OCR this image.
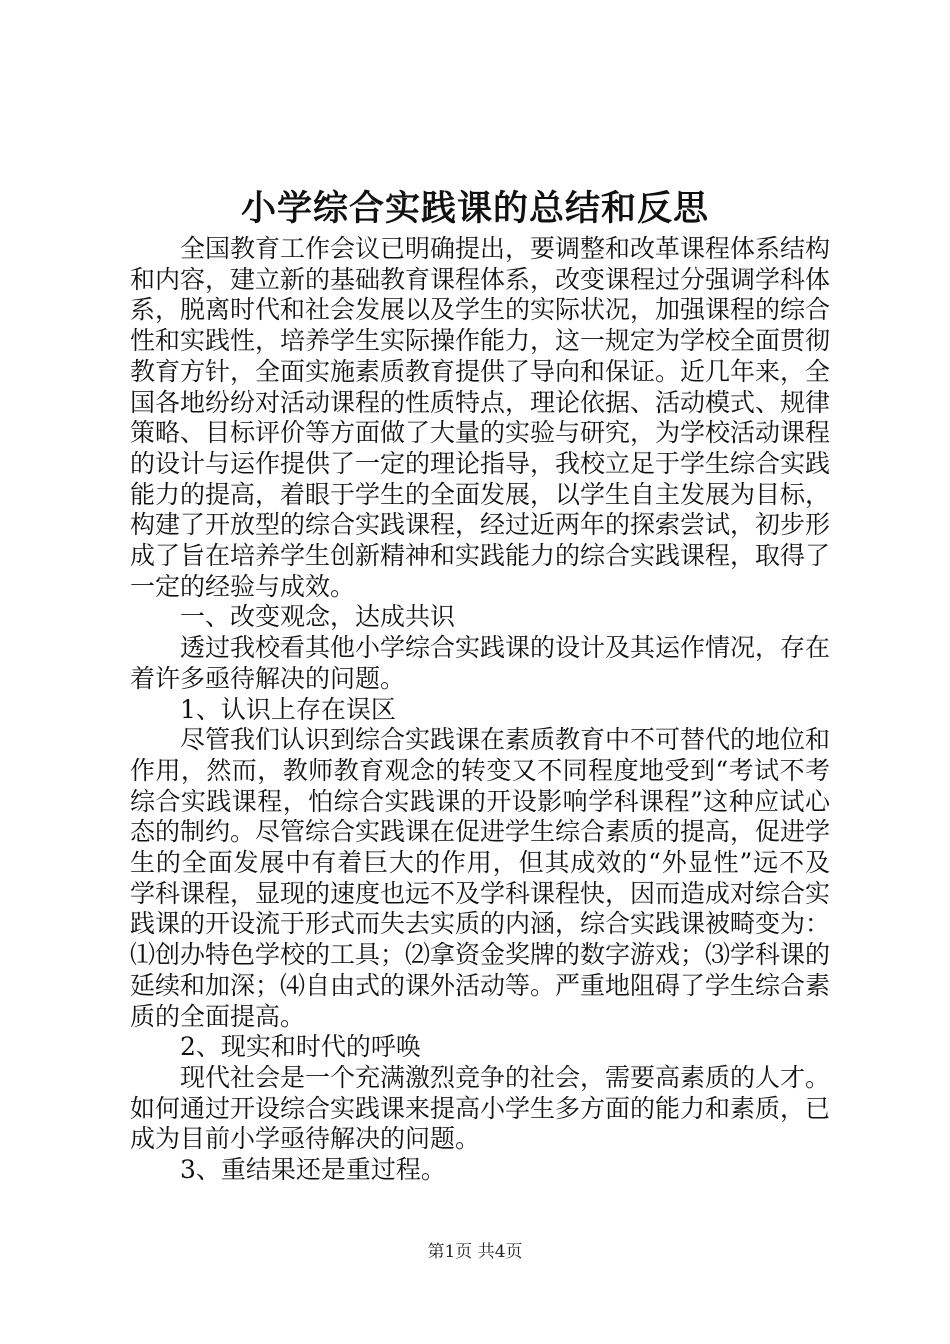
小学综合实践课的总结和反思

全国教育工作会议已明确提出，要调整和改革课程体系结构和内容，建立新的基础教育课程体系，改变课程过分强调学科体系，脱离时代和社会发展以及学生的实际状况，加强课程的综合性和实践性，培养学生实际操作能力，这一规定为学校全面贯彻教育方针，全面实施素质教育提供了导向和保证。近几年来，全国各地纷纷对活动课程的性质特点，理论依据、活动模式、规律策略、目标评价等方面做了大量的实验与研究，为学校活动课程的设计与运作提供了一定的理论指导，我校立足于学生综合实践能力的提高，着眼于学生的全面发展，以学生自主发展为目标，构建了开放型的综合实践课程，经过近两年的探索尝试，初步形成了旨在培养学生创新精神和实践能力的综合实践课程，取得了一定的经验与成效。

一、改变观念，达成共识

透过我校看其他小学综合实践课的设计及其运作情况，存在着许多亟待解决的问题。

1、认识上存在误区

尽管我们认识到综合实践课在素质教育中不可替代的地位和作用，然而，教师教育观念的转变又不同程度地受到“考试不考综合实践课程，怕综合实践课的开设影响学科课程”这种应试心态的制约。尽管综合实践课在促进学生综合素质的提高，促进学生的全面发展中有着巨大的作用，但其成效的“外显性”远不及学科课程，显现的速度也远不及学科课程快，因而造成对综合实践课的开设流于形式而失去实质的内涵，综合实践课被畸变为：⑴创办特色学校的工具；⑵拿资金奖牌的数字游戏；⑶学科课的延续和加深；⑷自由式的课外活动等。严重地阻碍了学生综合素质的全面提高。

2、现实和时代的呼唤

现代社会是一个充满激烈竞争的社会，需要高素质的人才。如何通过开设综合实践课来提高小学生多方面的能力和素质，已成为目前小学亟待解决的问题。

3、重结果还是重过程。

第1页 共4页
